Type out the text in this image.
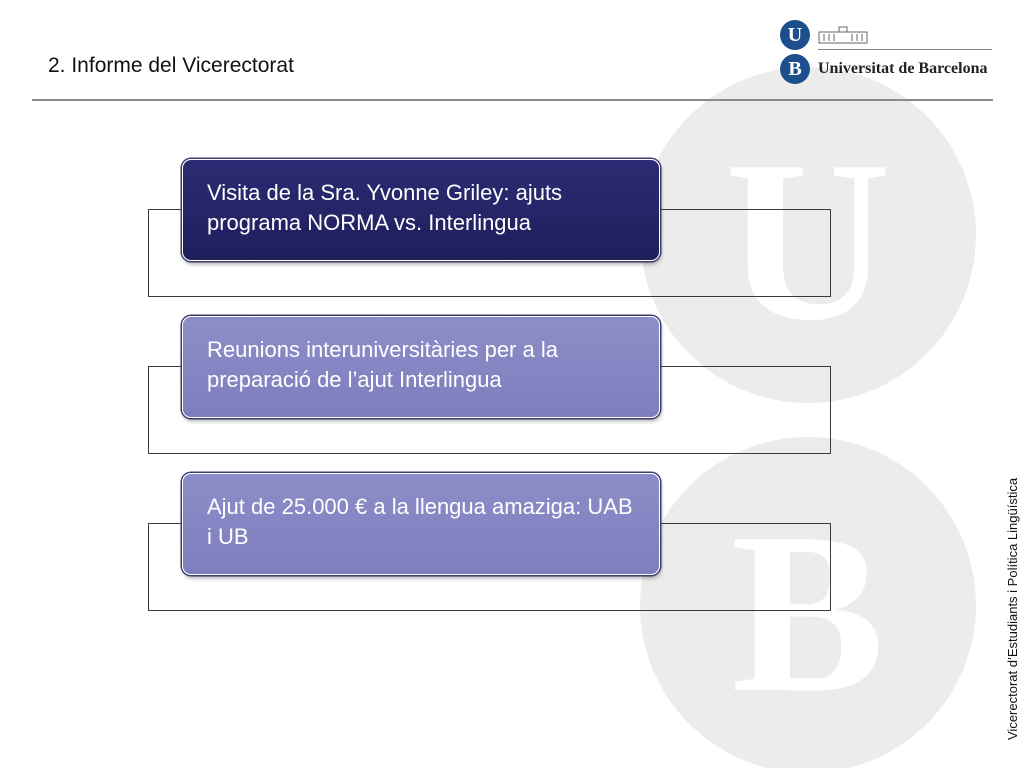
U
B
2. Informe del Vicerectorat
U
B	Universitat de Barcelona
Visita de la Sra. Yvonne Griley: ajuts programa NORMA vs. Interlingua
Reunions interuniversitàries per a la preparació de l’ajut Interlingua
Ajut de 25.000 € a la llengua amaziga: UAB i UB	Vicerectorat d’Estudiants i Política Lingüística
